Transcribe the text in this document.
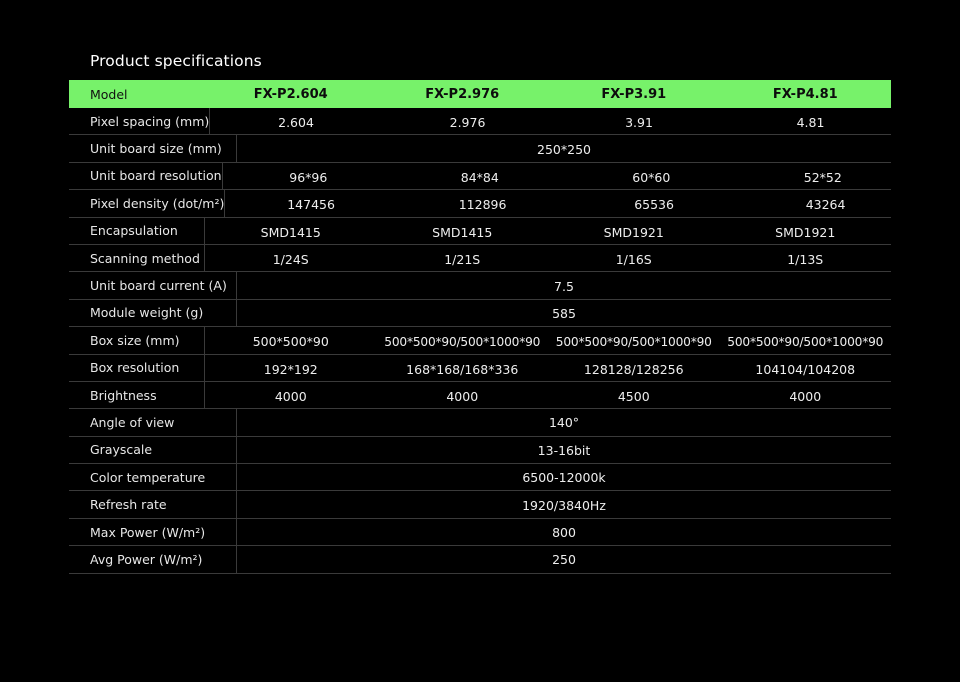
Product specifications
Model	FX-P2.604	FX-P2.976	FX-P3.91	FX-P4.81
Pixel spacing (mm)	2.604	2.976	3.91	4.81
Unit board size (mm)	250*250
Unit board resolution	96*96	84*84	60*60	52*52
Pixel density (dot/m²)	147456	112896	65536	43264
Encapsulation	SMD1415	SMD1415	SMD1921	SMD1921
Scanning method	1/24S	1/21S	1/16S	1/13S
Unit board current (A)	7.5
Module weight (g)	585
Box size (mm)	500*500*90	500*500*90/500*1000*90	500*500*90/500*1000*90	500*500*90/500*1000*90
Box resolution	192*192	168*168/168*336	128128/128256	104104/104208
Brightness	4000	4000	4500	4000
Angle of view	140°
Grayscale	13-16bit
Color temperature	6500-12000k
Refresh rate	1920/3840Hz
Max Power (W/m²)	800
Avg Power (W/m²)	250
